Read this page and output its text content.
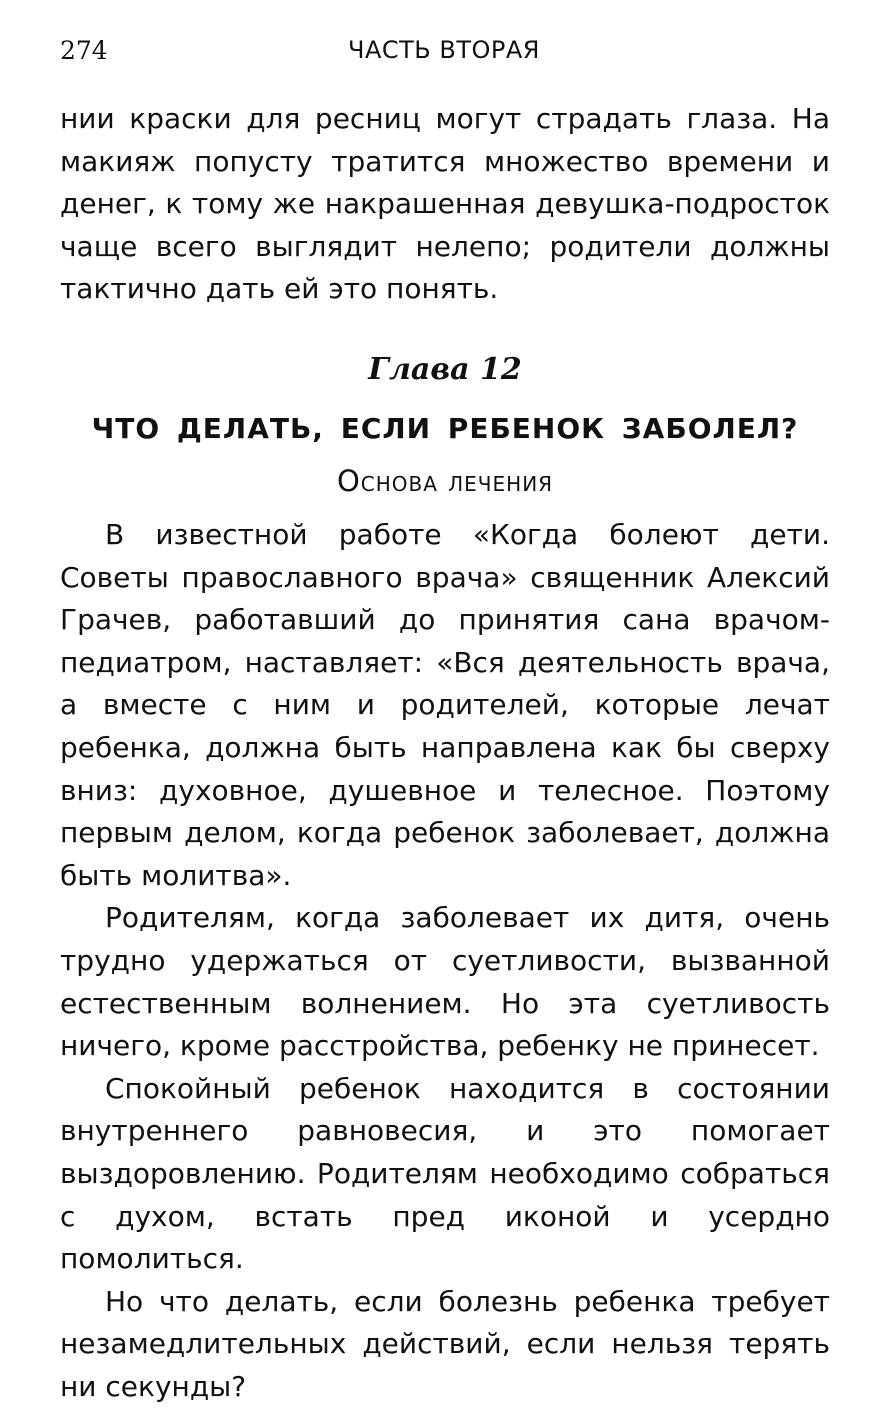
274	ЧАСТЬ ВТОРАЯ

нии краски для ресниц могут страдать глаза. На макияж попусту тратится множество времени и денег, к тому же накрашенная девушка-подросток чаще всего выглядит нелепо; родители должны тактично дать ей это понять.

Глава 12
ЧТО ДЕЛАТЬ, ЕСЛИ РЕБЕНОК ЗАБОЛЕЛ?
Основа лечения

В известной работе «Когда болеют дети. Советы православного врача» священник Алексий Грачев, работавший до принятия сана врачом-педиатром, наставляет: «Вся деятельность врача, а вместе с ним и родителей, которые лечат ребенка, должна быть направлена как бы сверху вниз: духовное, душевное и телесное. Поэтому первым делом, когда ребенок заболевает, должна быть молитва».

Родителям, когда заболевает их дитя, очень трудно удержаться от суетливости, вызванной естественным волнением. Но эта суетливость ничего, кроме расстройства, ребенку не принесет.

Спокойный ребенок находится в состоянии внутреннего равновесия, и это помогает выздоровлению. Родителям необходимо собраться с духом, встать пред иконой и усердно помолиться.

Но что делать, если болезнь ребенка требует незамедлительных действий, если нельзя терять ни секунды?
